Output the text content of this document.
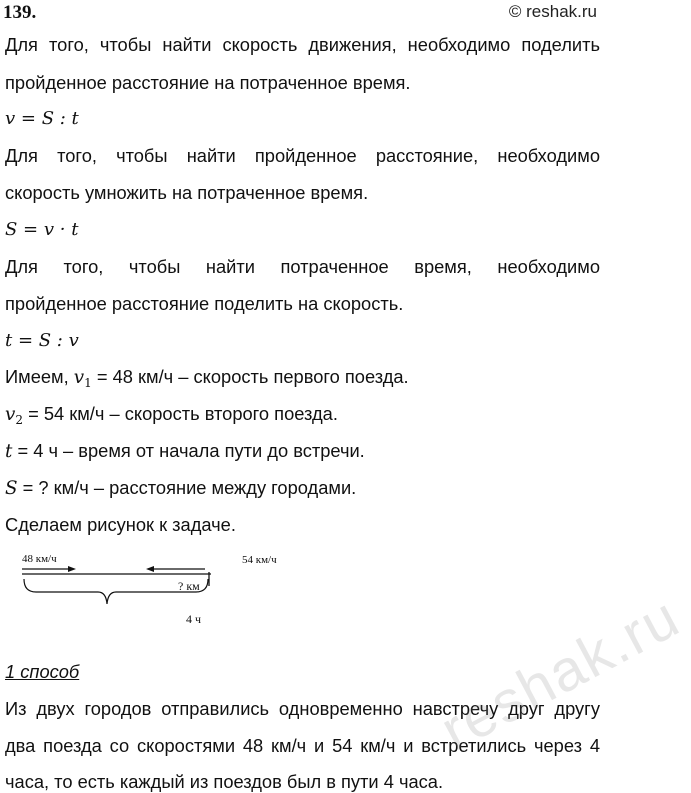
139.	© reshak.ru
Для того, чтобы найти скорость движения, необходимо поделить
пройденное расстояние на потраченное время.
v = S : t
Для того, чтобы найти пройденное расстояние, необходимо
скорость умножить на потраченное время.
S = v · t
Для того, чтобы найти потраченное время, необходимо
пройденное расстояние поделить на скорость.
t = S : v
Имеем, $v_1 = 48$ км/ч – скорость первого поезда.
$v_2 = 54$ км/ч – скорость второго поезда.
t = 4 ч – время от начала пути до встречи.
S = ? км/ч – расстояние между городами.
Сделаем рисунок к задаче.
48 км/ч	54 км/ч
? км
4 ч
1 способ
Из двух городов отправились одновременно навстречу друг другу
два поезда со скоростями 48 км/ч и 54 км/ч и встретились через 4
часа, то есть каждый из поездов был в пути 4 часа.
reshak.ru
